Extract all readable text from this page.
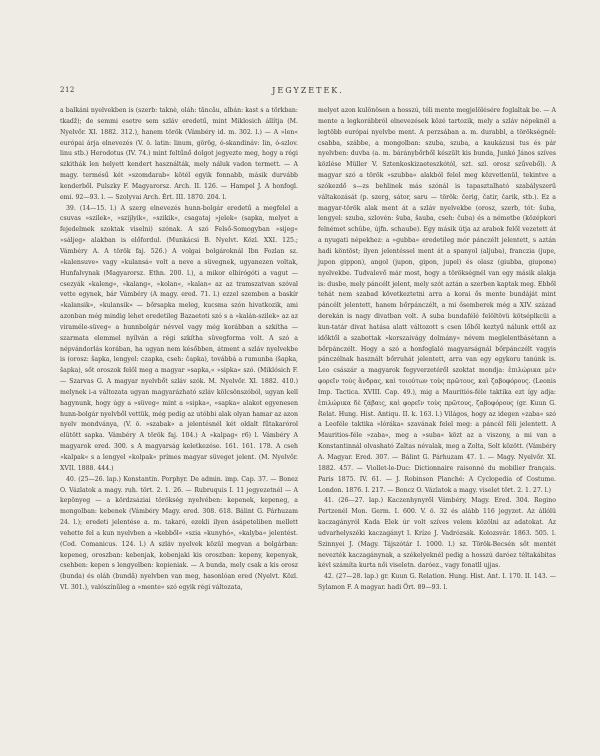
212	JEGYZETEK.

a balkáni nyelvekben is (szerb: taknè, oláh: tăncău, albán: kast s a törkban: tkadž); de semmi esetre sem szláv eredetű, mint Miklosich állítja (M. Nyelvőr. XI. 1882. 312.), hanem török (Vámbéry id. m. 302. l.) — A »len« európai árja elnevezés (V. ö. latin: linum, görög, ó-skandináv: lin, ó-szlov. linu stb.) Herodotus (IV. 74.) mint feltűnő dolgot jegyezte meg, hogy a régi szkithák len helyett kendert használták, mely náluk vadon termett. — A magy. termésű két »szomdarab« kötél egyik fonnabb, másik durvább kenderből. Pulszky F. Magyarorsz. Arch. II. 126. — Hampel J. A honfogl. emi. 92—93. l. — Szolyvai Arch. Ért. III. 1870. 204. l.

39. (14—15. l.) A szerg elnevezés hunn-bolgár eredetű a megfelel a csuvas »szilek«, »szijlyik«, »szikik«, csagataj »jelek« (sapka, melyet a fejedelmek szoktak viselni) szónak. A szó Felső-Somogyban »sijeg« »sáljeg« alakban is előfordul. (Munkácsi B. Nyelvt. Közl. XXI. 125.; Vámbéry A. A török faj. 526.) A volgai bolgároknál Ibn Fozlan sz. »kalensuve« vagy »kulansá« volt a neve a süvegnek, ugyanezen voltak, Hunfalvynak (Magyarorsz. Ethn. 200. l.), a mikor elbírógóti a vagut — csezyák »kaleng«, »kalang«, »kolan«, »kalan« az az tramszatvan szóval vette egynek, bár Vámbéry (A magy. ered. 71. l.) ezzel szemben a baskír »kalansik«, »kulansik« — bőrsapka meleg, kucsma szón hivatkozik, ami azonban még mindig lehet eredetileg Bazaetoti szó s a »kalán-szilek« az az viraméle-süveg« a hunnbolgár névvel vagy még korábban a szkítha — szarmata elemmel nyílván a régi szkítha süvegforma volt. A szó a népvándorlás korában, ha ugyan nem későbben, átment a szláv nyelvekbe is (orosz: šapka, lengyel: czapka, cseh: čapka), továbbá a rumunba (šapka, šapka), sőt oroszok felől meg a magyar »sapka,« »sipka« szó. (Miklósich F. — Szarvas G. A magyar nyelvbőt szláv szók. M. Nyelvőr. XI. 1882. 410.) melynek i-a változata ugyan magyarázható szláv kölcsönszóból, ugyan kell hagynunk, hogy úgy a »süveg« mint a »sipka«, »sapka« alakot egyenesen hunn-bolgár nyelvből vettük, még pedig az utóbbi alak olyan hamar az azon nyelv mondványa, (V. ö. »szabak« a jelentésnél két oldalt fűtakarórol elütött sapka. Vámbéry A török faj. 104.) A »kalpag« r6) l. Vámbéry A magyarok ered. 300. s A magyarság keletkezése. 161. 161. 178. A cseh »kalpak« s a lengyel »kolpak« prímes magyar süveget jelent. (M. Nyelvőr. XVII. 1888. 444.)

40. (25—26. lap.) Konstantin. Porphyr. De admin. imp. Cap. 37. — Bonez O. Vázlatok a magy. ruh. tört. 2. 1. 26. — Rubruquis I. 11 jegyezetnél — A kepönyeg — a kördzsáziai törökség nyelvében: kepenek, kepeneg, a mongolban: kebenek (Vámbéry Magy. ered. 308. 618. Bálint G. Párhuzam 24. l.); eredeti jelentése a. m. takaró, ezekli ilyen ásápeteliben mellett vehette fel a kun nyelvben a »kebből« »szia »kunyhó«, »kalyba« jelentést. (Cod. Comanicus. 124. l.) A szláv nyelvek közül megvan a bolgárban: kepeneg, oroszban: kebenjak, kobenjaki kis oroszban: kepeny, kepenyak, csehben: kepen s lengyelben: kopieniak. — A bunda, mely csak a kis orosz (bunda) és oláh (bundă) nyelvben van meg, hasonlóan ered (Nyelvt. Közl. VI. 301.), valószínűleg a »mente« szó egyik régi változata,

melyet azon kulönösen a hosszú, téli mente megjelölésére foglaltak be. — A mente a legkorábbról elnevezések közé tartozik, mely a szláv népeknél a legtöbb európai nyelvbe ment. A perzsában a. m. durabbl, a törökségnél: csabba, szábbe, a mongolban: szuba, szuba, a kaukázusi tus és pár nyelvben: duvba (a. m. báránybőrből készült kis bunda, Junkó János szíves közlése Müller V. Sztenkoskizaeteszkótól, szt. szl. orosz szűveből). A magyar szó a török »szubba« alakból felel meg közvetlenül, tekintve a szókezdő s—zs behlinek más szónál is tapasztalható szabályszerű váltakozását (p. szerg, sátor, saru — török: čerig, čatir, čarik, stb.). Ez a magyar-török alak ment át a szláv nyelvekbe (orosz, szerb, tót: šuba, lengyel: szuba, szlovén: šuba, šauba, cseh: čuba) és a németbe (középkori felnémet schûbe, újfn. schaube). Egy másik útja az arabok felől vezetett át a nyugati népekhez: a »gubba« eredetileg mór pánczélt jelentett, s aztán hadi köntöst; ilyen jelentéssel ment át a spanyol (aljuba), franczia (jupe, jupon gippon), angol (jupon, gipon, jupel) és olasz (giubba, giupone) nyelvekbe. Tudvalevő már most, hogy a törökségnél van egy másik alakja is: dusbe, mely páncélt jelent, mely szót aztán a szerben kaptak meg. Ebből tehát nem szabad következtetni arra a korai ős mente bundáját mint páncélt jelentett, hanem bőrpánczélt, a mi ősemberek még a XIV. század derekán is nagy divatban volt. A suba bundafélé felöltövü kötséplkcüi a kun-tatár divat hatása alatt változott s csen lőből keztyű nálunk ettől az időktől a szabottak »korszaivágy dolmány« névem meglelentbásétann a bőrpánczélt. Hogy a szó a honfoglaló magyarságnál bőrpánczélt vagyis pánczélnak használt bőrruhát jelentett, arra van egy egykoru tanúnk is. Leo császár a magyarok fegyverzetéről szoktat mondja: ἐπιλώρικα μὲν φορεῖν τοὺς ἄνδρας, καὶ τοιούτων τοὺς πρῶτους, καὶ ζαβοφόρους. (Leonis Imp. Tactica. XVIII. Cap. 49.), mig a Mauritiós-féle taktika ezt így adja: ἐπιλώρικα δὲ ζάβαις, καὶ φορεῖν τοὺς πρῶτους, ζαβοφόρους (gr. Kuun G. Relat. Hung. Hist. Antiqu. II. k. 163. l.) Világos, hogy az idegen »zaba« szó a Leoféle taktika »lóráka« szavának felel meg: a páncél féli jelentett. A Mauritios-féle »zaba«, meg a »suba« közt az a viszony, a mi van a Konstantinnál olvasható Zaltas névalak, meg a Zolta, Solt között. (Vámbéry A. Magyar. Ered. 307. — Bálint G. Párhuzam 47. 1. — Magy. Nyelvőr. XI. 1882. 457. — Viollet-le-Duc: Dictionnaire raisonné du mobilier français. Paris 1875. IV. 61. — J. Robinson Planché: A Cyclopedia of Costume. London. 1876. I. 217. — Boncz O. Vázlatok a magy. viselet tört. 2. 1. 27. l.)

41. (26—27. lap.) Kaczenhynyről Vámbéry, Magy. Ered. 304. Regino Pertzenél Mon. Germ. I. 600. V. ö. 32 és alább 116 jegyzet. Az állólü kaczagányról Kada Elek úr volt szíves velem közölni az adatokat. Az udvarhelyszéki kaczagányt l. Kríze J. Vadrózsák. Kolozsvár. 1863. 505. l. Szinnyei J. (Magy. Tájszótár I. 1000. l.) sz. Török-Becsén sőt mentét nevezték kaczagánynak, a székelyeknél pedig a hosszú daróez téltakábitas kévl számíta kurta női viseletn. daróez., vagy fonatll ujjas.

42. (27—28. lap.) gr. Kuun G. Relation. Hung. Hist. Ant. I. 170. II. 143. — Sylamon F. A magyar. hadi Ört. 89—93. l.
